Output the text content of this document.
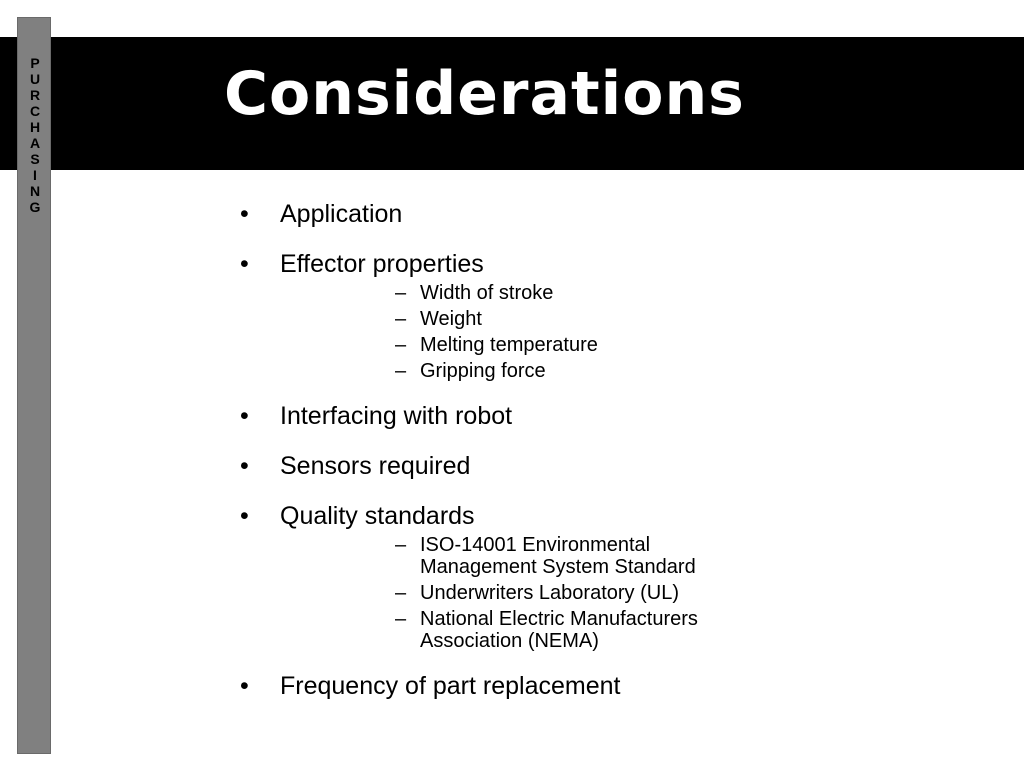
P
U
R
C
H
A
S
I
N
G
Considerations
•	Application
•	Effector properties
– Width of stroke
– Weight
– Melting temperature
– Gripping force
•	Interfacing with robot
•	Sensors required
•	Quality standards
– ISO-14001 Environmental
Management System Standard
– Underwriters Laboratory (UL)
– National Electric Manufacturers
Association (NEMA)
•	Frequency of part replacement
